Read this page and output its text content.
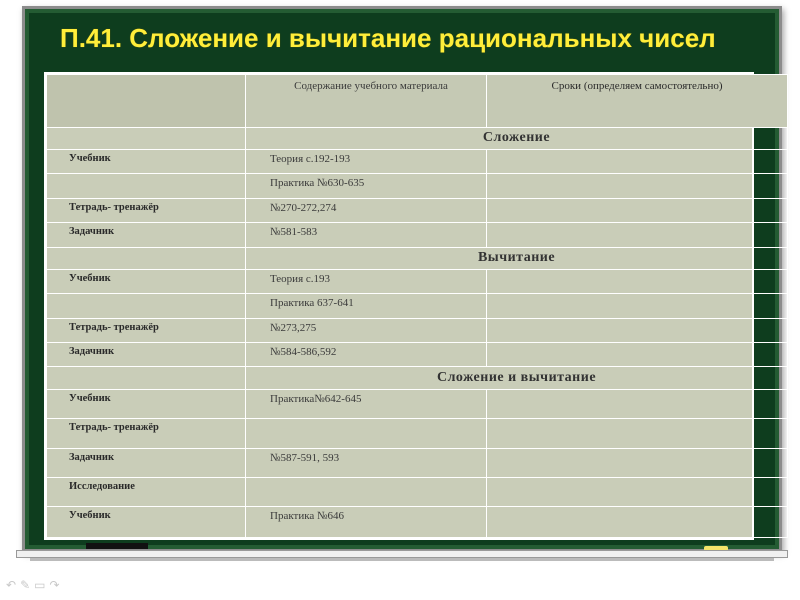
П.41. Сложение и вычитание рациональных чисел
	Содержание учебного материала	Сроки (определяем самостоятельно)	
	Сложение		
Учебник	Теория с.192-193		
	Практика №630-635		
Тетрадь- тренажёр	№270-272,274		
Задачник	№581-583		
	Вычитание		
Учебник	Теория с.193		
	Практика 637-641		
Тетрадь- тренажёр	№273,275		
Задачник	№584-586,592		
	Сложение и вычитание		
Учебник	Практика№642-645		
Тетрадь- тренажёр			
Задачник	№587-591, 593		
Исследование			
Учебник	Практика №646		
↶✎▭↷
